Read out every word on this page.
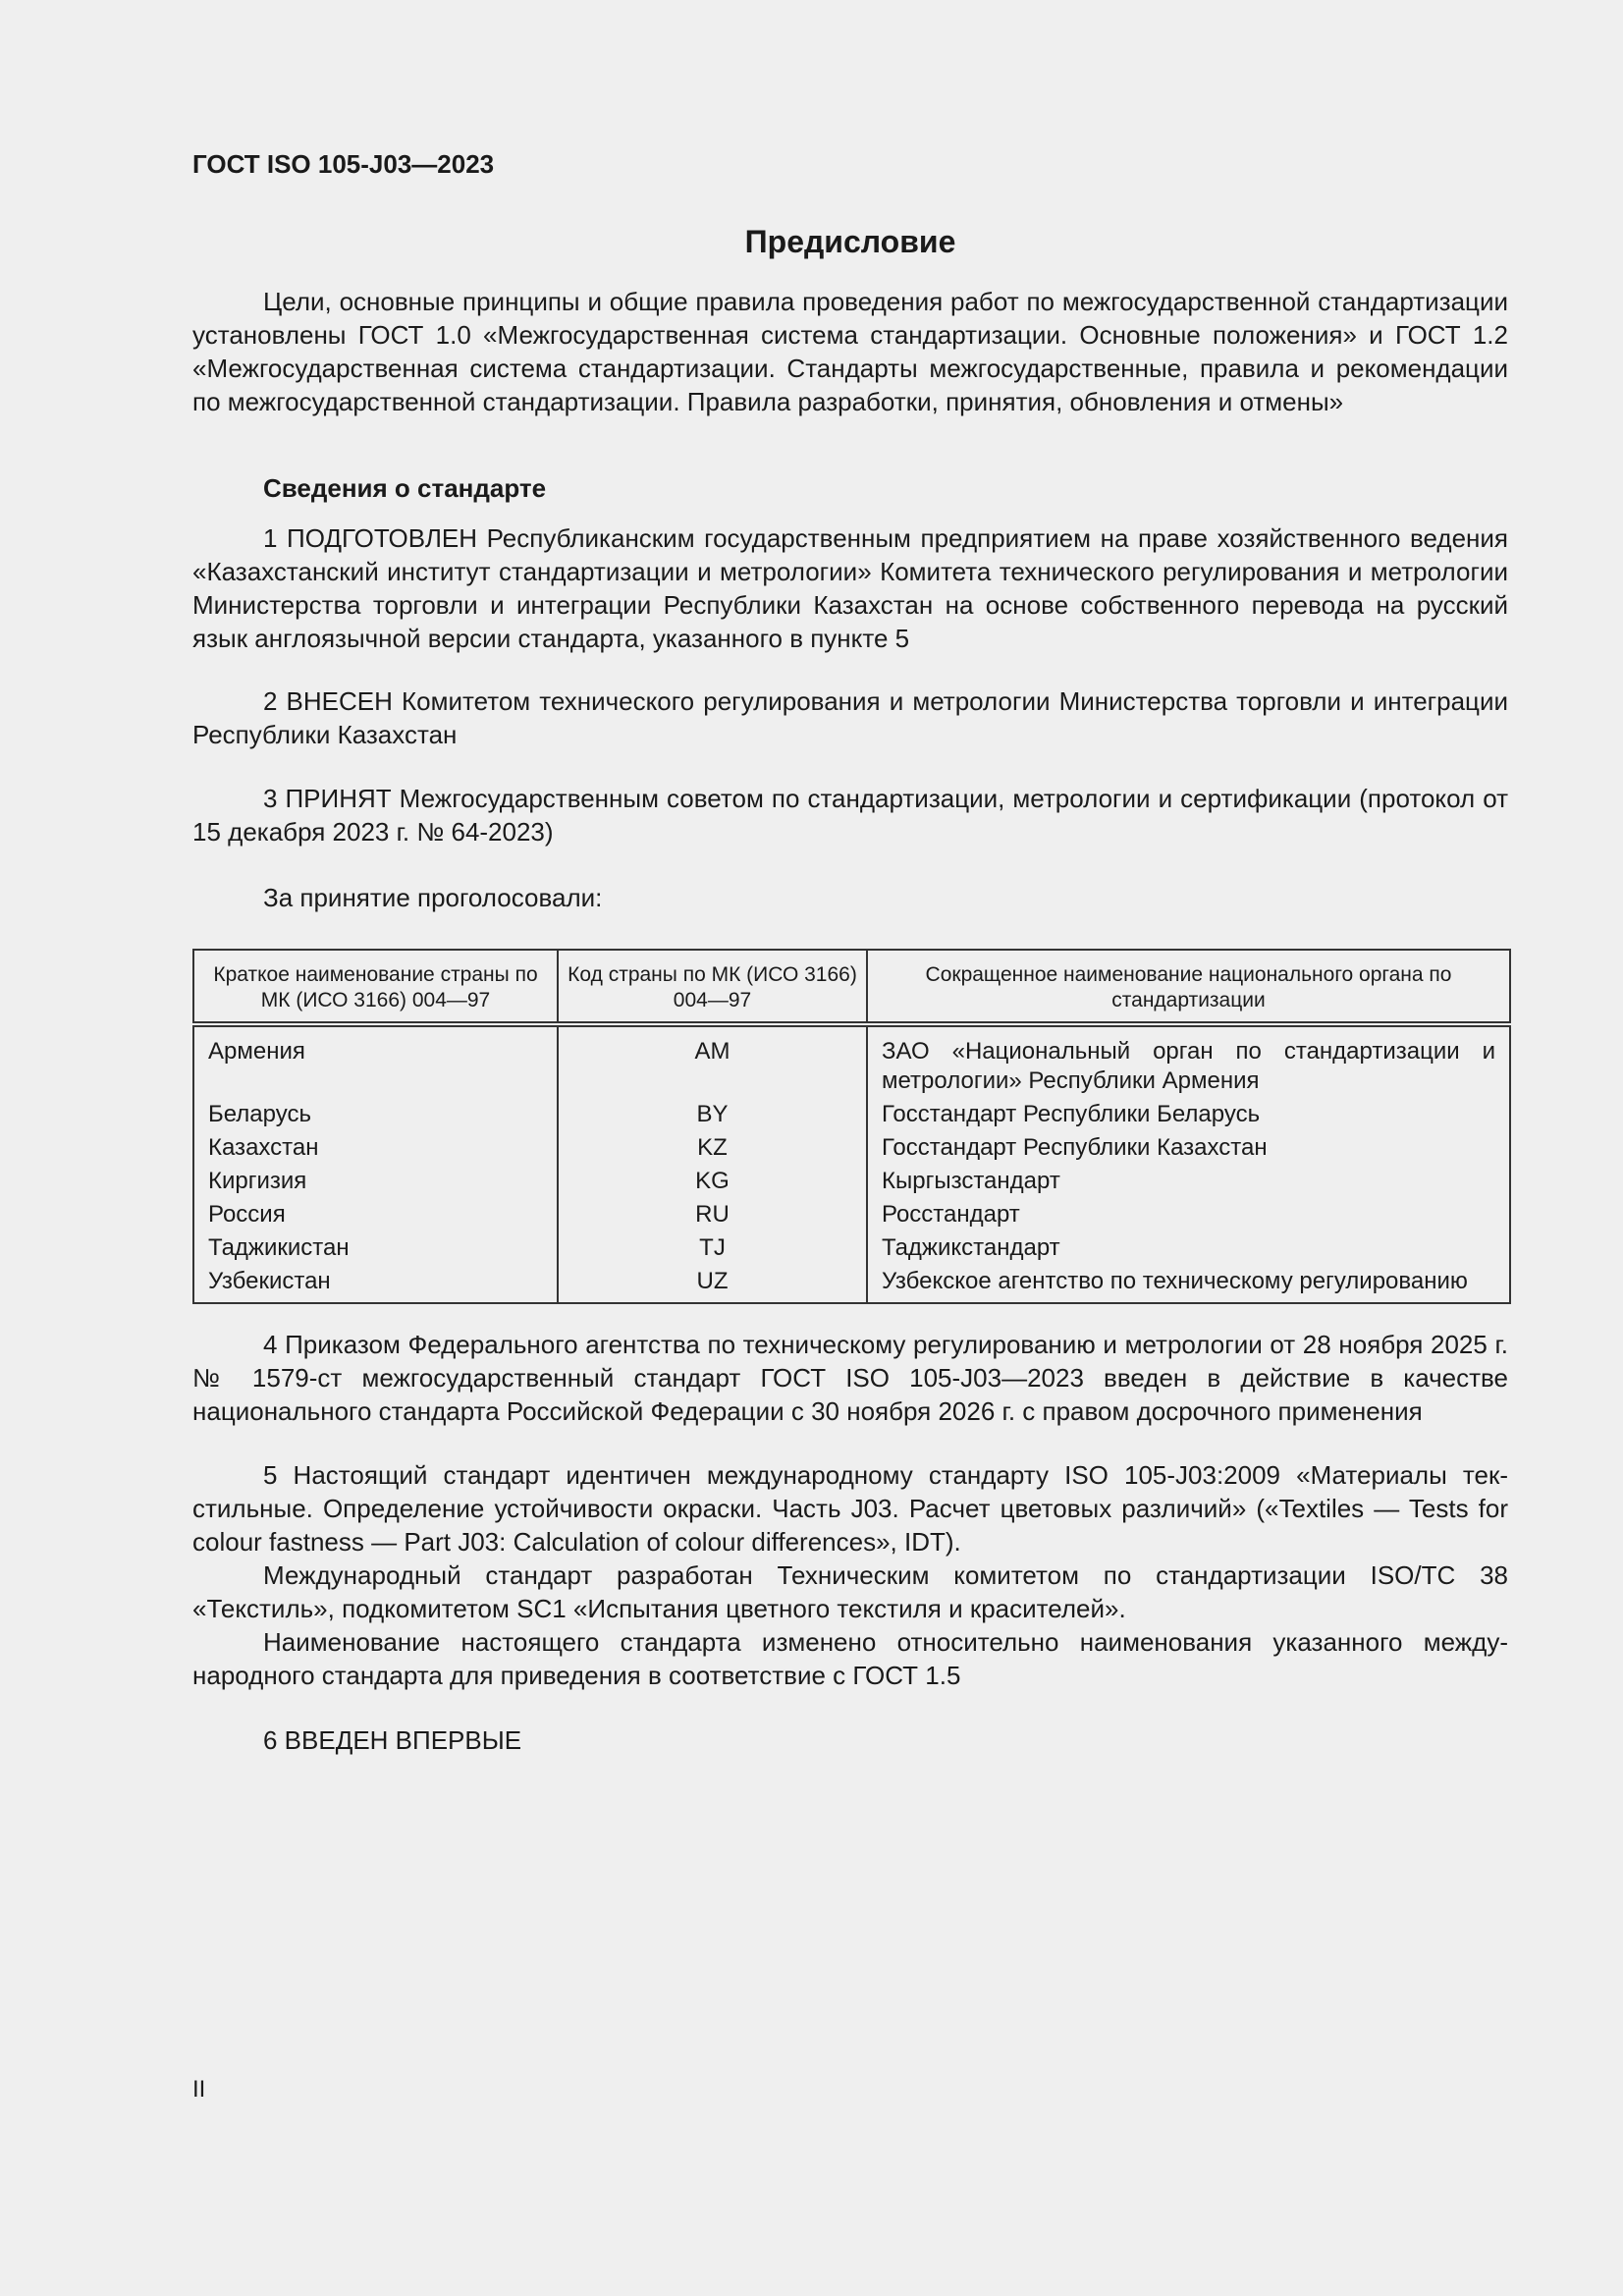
ГОСТ ISO 105-J03—2023
Предисловие

Цели, основные принципы и общие правила проведения работ по межгосударственной стандартизации установлены ГОСТ 1.0 «Межгосударственная система стандартизации. Основные положения» и ГОСТ 1.2 «Межгосударственная система стандартизации. Стандарты межгосударственные, правила и рекомендации по межгосударственной стандартизации. Правила разработки, принятия, обновления и отмены»

Сведения о стандарте

1 ПОДГОТОВЛЕН Республиканским государственным предприятием на праве хозяйственного ведения «Казахстанский институт стандартизации и метрологии» Комитета технического регулирования и метрологии Министерства торговли и интеграции Республики Казахстан на основе собственного перевода на русский язык англоязычной версии стандарта, указанного в пункте 5

2 ВНЕСЕН Комитетом технического регулирования и метрологии Министерства торговли и интеграции Республики Казахстан

3 ПРИНЯТ Межгосударственным советом по стандартизации, метрологии и сертификации (протокол от 15 декабря 2023 г. № 64-2023)

За принятие проголосовали:

Краткое наименование страны по МК (ИСО 3166) 004—97	Код страны по МК (ИСО 3166) 004—97	Сокращенное наименование национального органа по стандартизации
Армения	AM	ЗАО «Национальный орган по стандартизации и метрологии» Республики Армения
Беларусь	BY	Госстандарт Республики Беларусь
Казахстан	KZ	Госстандарт Республики Казахстан
Киргизия	KG	Кыргызстандарт
Россия	RU	Росстандарт
Таджикистан	TJ	Таджикстандарт
Узбекистан	UZ	Узбекское агентство по техническому регулированию

4 Приказом Федерального агентства по техническому регулированию и метрологии от 28 ноября 2025 г. № 1579-ст межгосударственный стандарт ГОСТ ISO 105-J03—2023 введен в действие в качестве национального стандарта Российской Федерации с 30 ноября 2026 г. с правом досрочного применения

5 Настоящий стандарт идентичен международному стандарту ISO 105-J03:2009 «Материалы текстильные. Определение устойчивости окраски. Часть J03. Расчет цветовых различий» («Textiles — Tests for colour fastness — Part J03: Calculation of colour differences», IDT).

Международный стандарт разработан Техническим комитетом по стандартизации ISO/TC 38 «Текстиль», подкомитетом SC1 «Испытания цветного текстиля и красителей».

Наименование настоящего стандарта изменено относительно наименования указанного международного стандарта для приведения в соответствие с ГОСТ 1.5

6 ВВЕДЕН ВПЕРВЫЕ

II
